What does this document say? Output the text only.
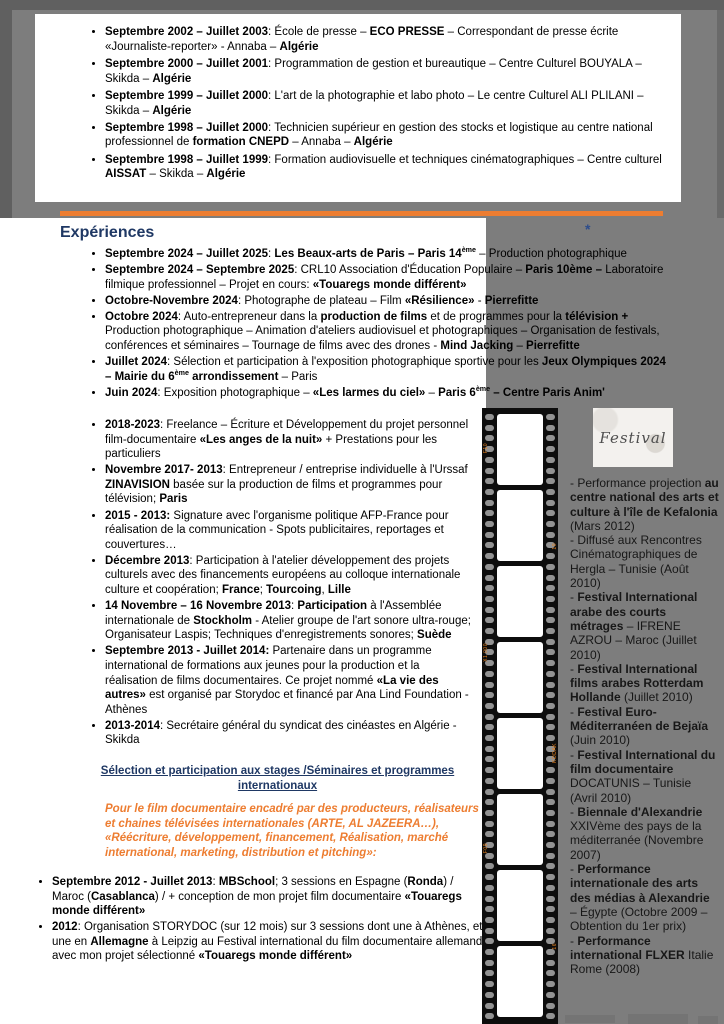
• Septembre 2002 – Juillet 2003: École de presse – ECO PRESSE – Correspondant de presse écrite «Journaliste-reporter» - Annaba – Algérie
• Septembre 2000 – Juillet 2001: Programmation de gestion et bureautique – Centre Culturel BOUYALA – Skikda – Algérie
• Septembre 1999 – Juillet 2000: L'art de la photographie et labo photo – Le centre Culturel ALI PLILANI – Skikda – Algérie
• Septembre 1998 – Juillet 2000: Technicien supérieur en gestion des stocks et logistique au centre national professionnel de formation CNEPD – Annaba – Algérie
• Septembre 1998 – Juillet 1999: Formation audiovisuelle et techniques cinématographiques – Centre culturel AISSAT – Skikda – Algérie
Expériences	*
• Septembre 2024 – Juillet 2025: Les Beaux-arts de Paris – Paris 14ème – Production photographique
• Septembre 2024 – Septembre 2025: CRL10 Association d'Éducation Populaire – Paris 10ème – Laboratoire filmique professionnel – Projet en cours: «Touaregs monde différent»
• Octobre-Novembre 2024: Photographe de plateau – Film «Résilience» - Pierrefitte
• Octobre 2024: Auto-entrepreneur dans la production de films et de programmes pour la télévision + Production photographique – Animation d'ateliers audiovisuel et photographiques – Organisation de festivals, conférences et séminaires – Tournage de films avec des drones - Mind Jacking – Pierrefitte
• Juillet 2024: Sélection et participation à l'exposition photographique sportive pour les Jeux Olympiques 2024 – Mairie du 6ème arrondissement – Paris
• Juin 2024: Exposition photographique – «Les larmes du ciel» – Paris 6ème – Centre Paris Anim'
• 2018-2023: Freelance – Écriture et Développement du projet personnel film-documentaire «Les anges de la nuit» + Prestations pour les particuliers
• Novembre 2017- 2013: Entrepreneur / entreprise individuelle à l'Urssaf ZINAVISION basée sur la production de films et programmes pour télévision; Paris
• 2015 - 2013: Signature avec l'organisme politique AFP-France pour réalisation de la communication - Spots publicitaires, reportages et couvertures…
• Décembre 2013: Participation à l'atelier développement des projets culturels avec des financements européens au colloque internationale culture et coopération; France; Tourcoing, Lille
• 14 Novembre – 16 Novembre 2013: Participation à l'Assemblée internationale de Stockholm - Atelier groupe de l'art sonore ultra-rouge; Organisateur Laspis; Techniques d'enregistrements sonores; Suède
• Septembre 2013 - Juillet 2014: Partenaire dans un programme international de formations aux jeunes pour la production et la réalisation de films documentaires. Ce projet nommé «La vie des autres» est organisé par Storydoc et financé par Ana Lind Foundation - Athènes
• 2013-2014: Secrétaire général du syndicat des cinéastes en Algérie - Skikda
Sélection et participation aux stages /Séminaires et programmes internationaux
Pour le film documentaire encadré par des producteurs, réalisateurs et chaines télévisées internationales (ARTE, AL JAZEERA…), «Réécriture, développement, financement, Réalisation, marché international, marketing, distribution et pitching»:
• Septembre 2012 - Juillet 2013: MBSchool; 3 sessions en Espagne (Ronda) / Maroc (Casablanca) / + conception de mon projet film documentaire «Touaregs monde différent»
• 2012: Organisation STORYDOC (sur 12 mois) sur 3 sessions dont une à Athènes, et une en Allemagne à Leipzig au Festival international du film documentaire allemand avec mon projet sélectionné «Touaregs monde différent»
F10
10
X1 000
KODAK
F09
16
Festival

- Performance projection au centre national des arts et culture à l'île de Kefalonia (Mars 2012)

- Diffusé aux Rencontres Cinématographiques de Hergla – Tunisie (Août 2010)

- Festival International arabe des courts métrages – IFRENE AZROU – Maroc (Juillet 2010)

- Festival International films arabes Rotterdam Hollande (Juillet 2010)

- Festival Euro-Méditerranéen de Bejaïa (Juin 2010)

- Festival International du film documentaire DOCATUNIS – Tunisie (Avril 2010)

- Biennale d'Alexandrie XXIVème des pays de la méditerranée (Novembre 2007)

- Performance internationale des arts des médias à Alexandrie – Égypte (Octobre 2009 – Obtention du 1er prix)

- Performance international FLXER Italie Rome (2008)
